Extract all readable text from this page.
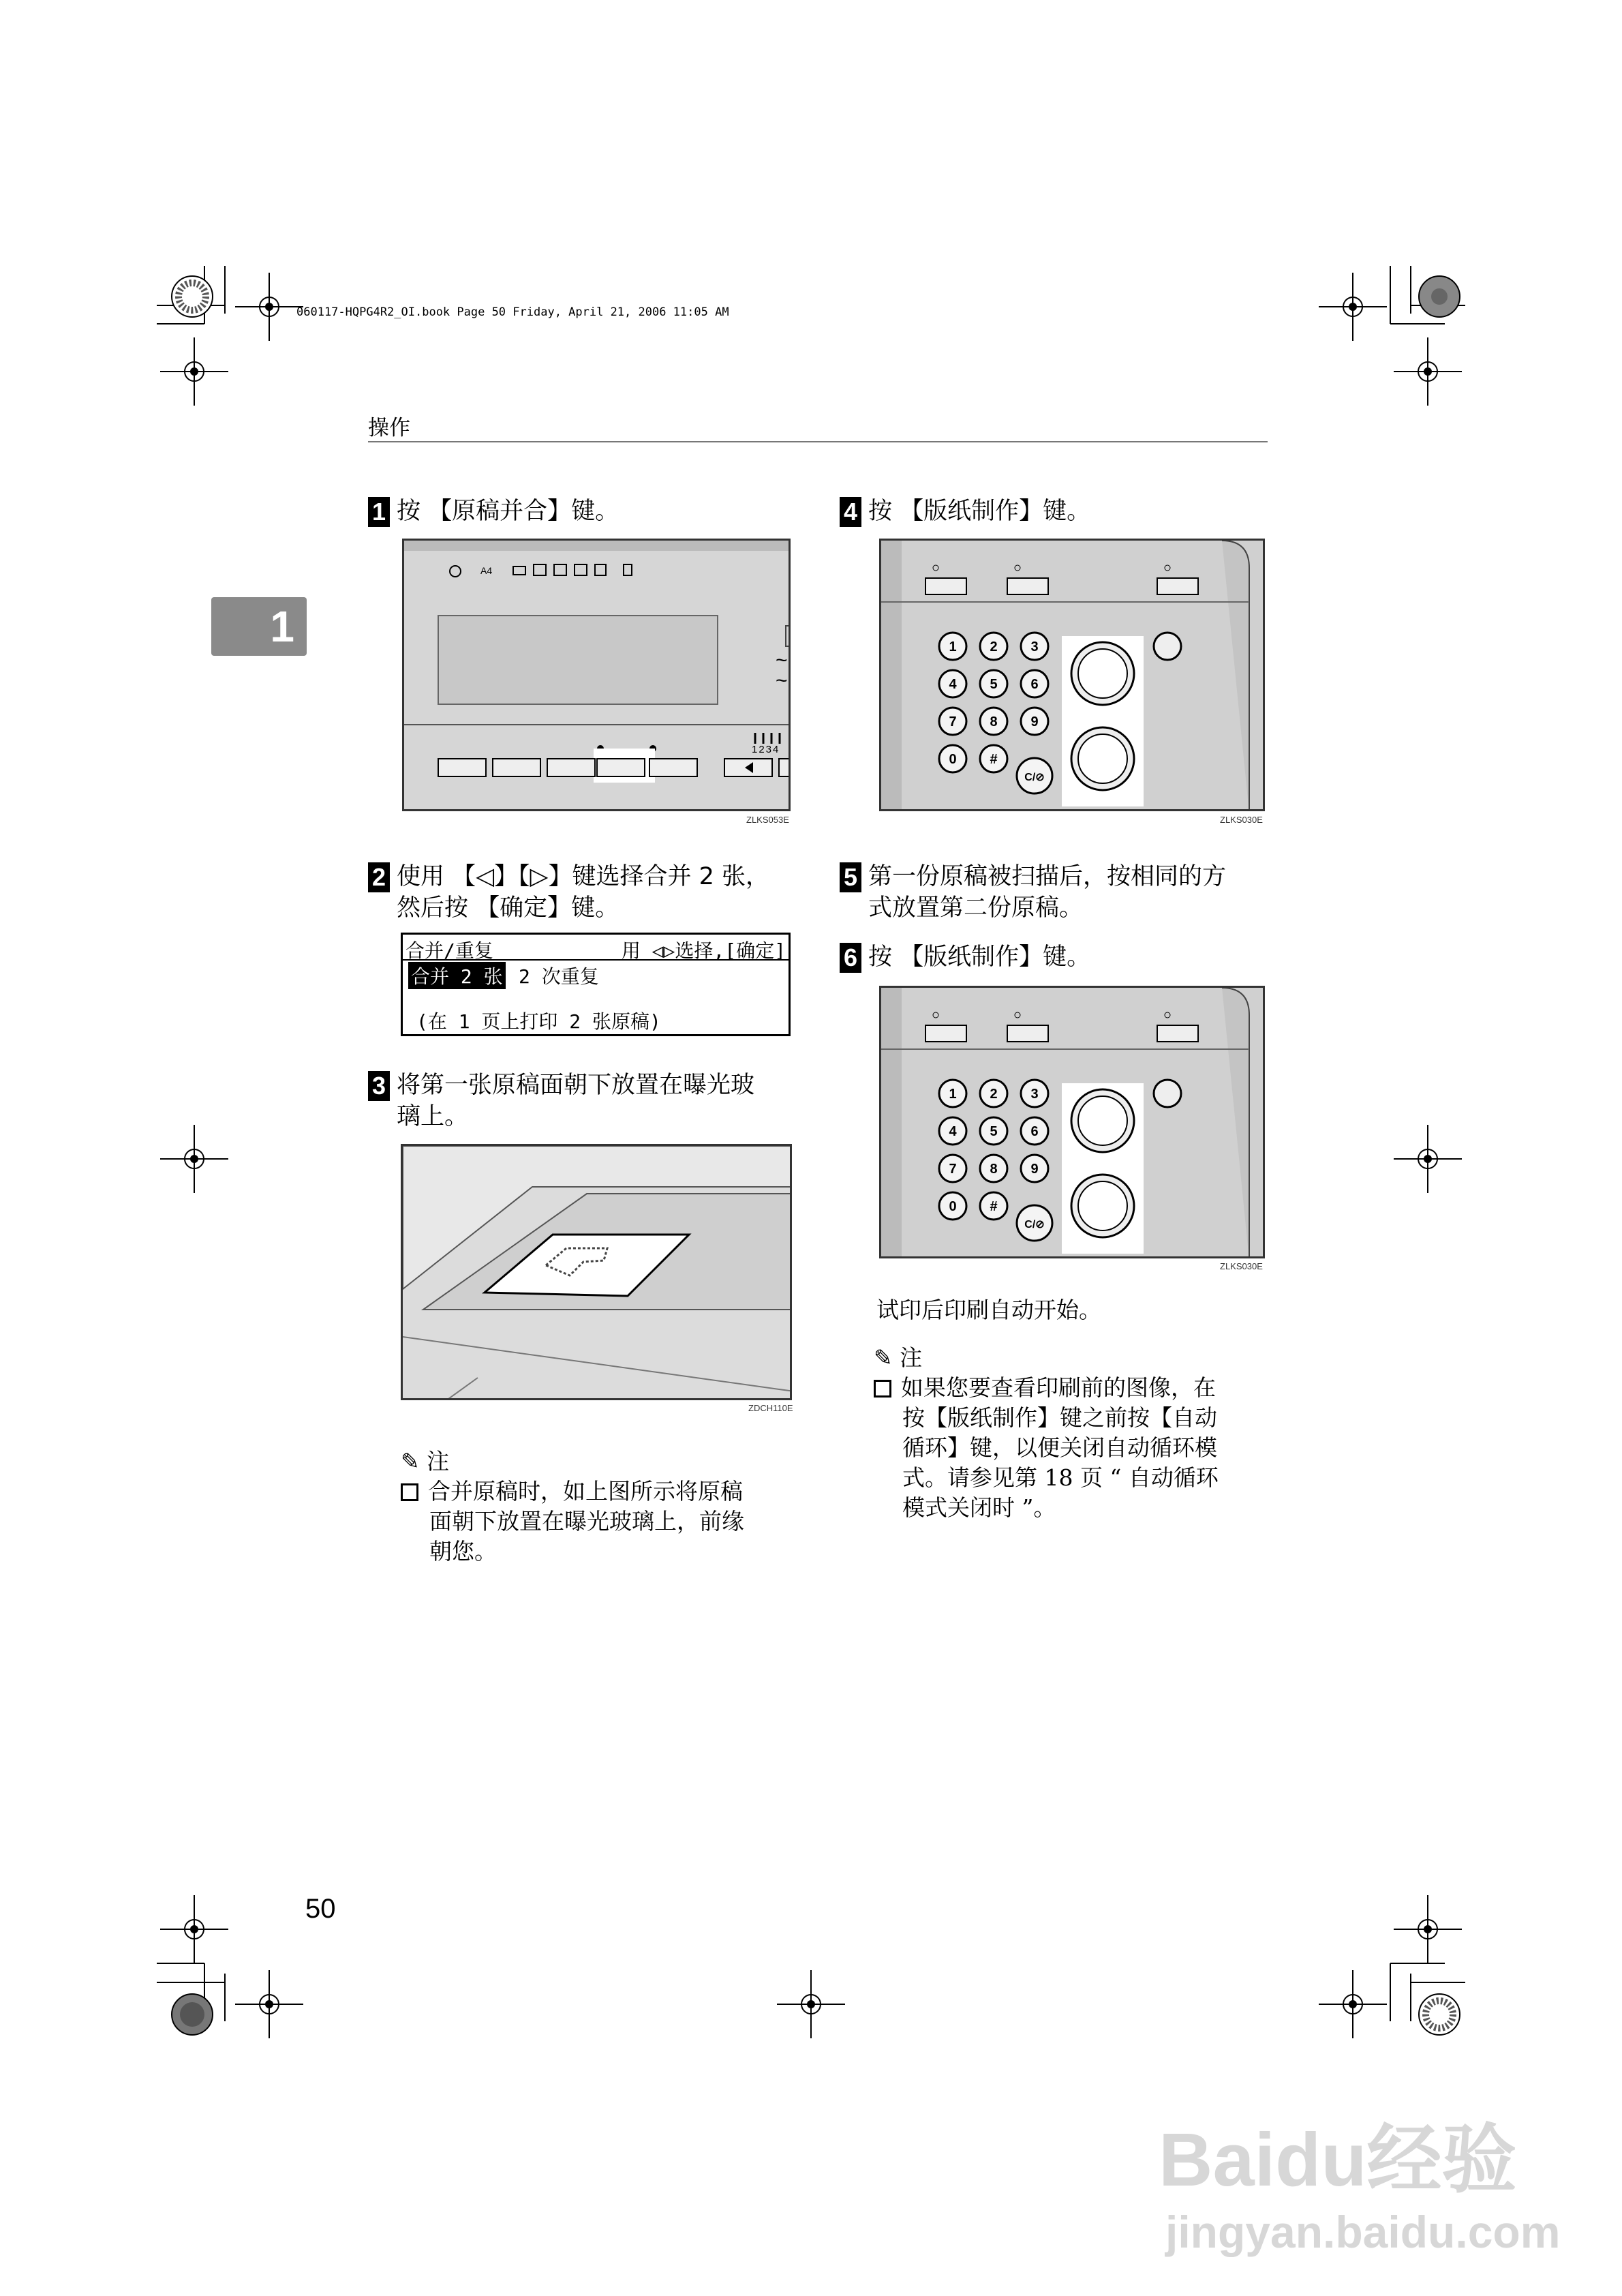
060117-HQPG4R2_OI.book Page 50 Friday, April 21, 2006 11:05 AM
操作
1
1 按 【原稿并合】键。
~
~
A4
1234
ZLKS053E
2 使用 【◁】【▷】键选择合并 2 张，
然后按 【确定】键。
合并/重复	用 ◁▷选择,[确定]
合并 2 张 2 次重复
(在 1 页上打印 2 张原稿)
3 将第一张原稿面朝下放置在曝光玻
璃上。
ZDCH110E
✎ 注
合并原稿时，如上图所示将原稿
面朝下放置在曝光玻璃上，前缘
朝您。
4 按 【版纸制作】键。
1 2 3
4 5 6
7 8 9
0 #
C/⊘
ZLKS030E
5 第一份原稿被扫描后，按相同的方
式放置第二份原稿。
6 按 【版纸制作】键。
1 2 3
4 5 6
7 8 9
0 #
C/⊘
ZLKS030E
试印后印刷自动开始。
✎ 注
如果您要查看印刷前的图像，在
按【版纸制作】键之前按【自动
循环】键，以便关闭自动循环模
式。请参见第 18 页 “ 自动循环
模式关闭时 ”。
50
Baidu经验
jingyan.baidu.com
